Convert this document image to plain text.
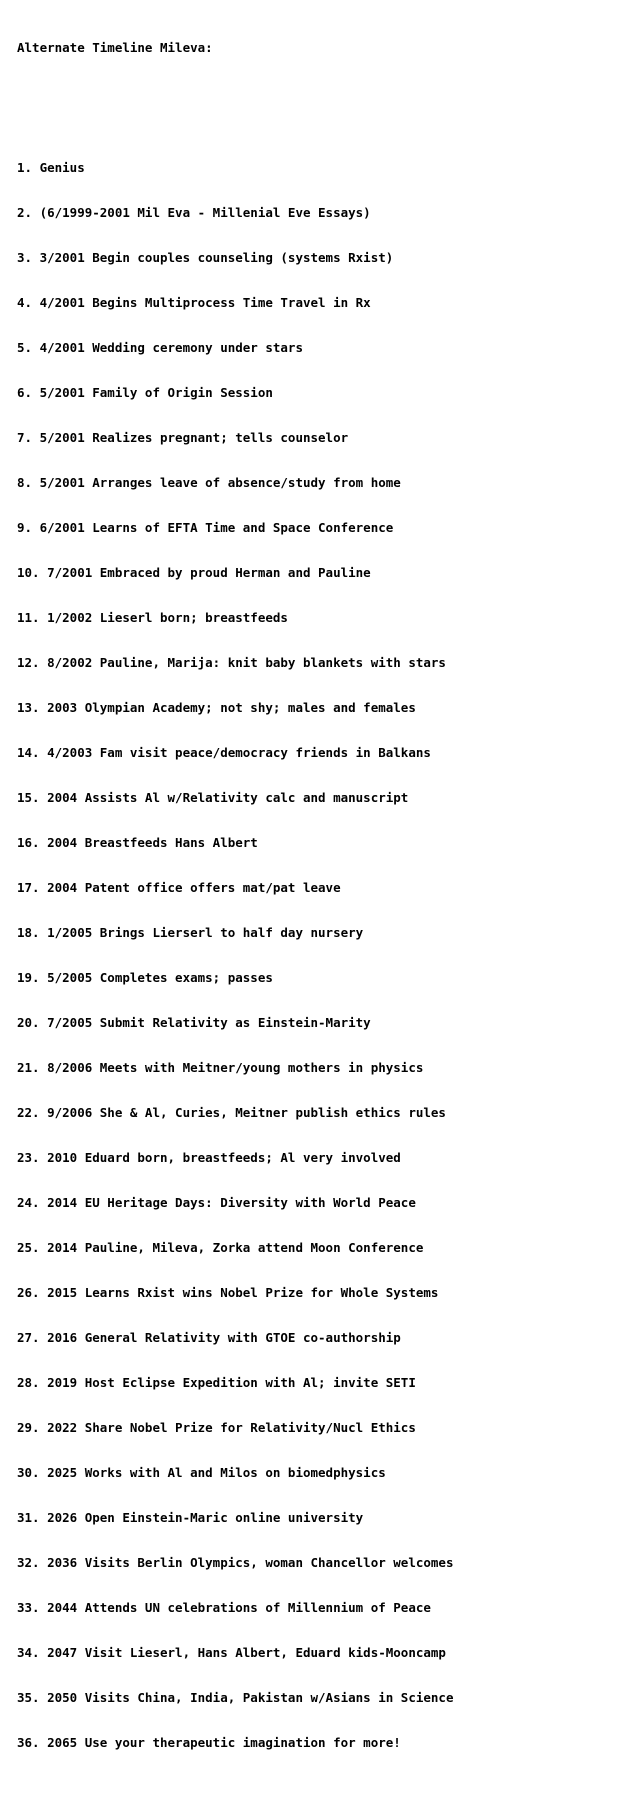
Alternate Timeline Mileva:

1. Genius

2. (6/1999-2001 Mil Eva - Millenial Eve Essays)

3. 3/2001 Begin couples counseling (systems Rxist)

4. 4/2001 Begins Multiprocess Time Travel in Rx

5. 4/2001 Wedding ceremony under stars

6. 5/2001 Family of Origin Session

7. 5/2001 Realizes pregnant; tells counselor

8. 5/2001 Arranges leave of absence/study from home

9. 6/2001 Learns of EFTA Time and Space Conference

10. 7/2001 Embraced by proud Herman and Pauline

11. 1/2002 Lieserl born; breastfeeds

12. 8/2002 Pauline, Marija: knit baby blankets with stars

13. 2003 Olympian Academy; not shy; males and females

14. 4/2003 Fam visit peace/democracy friends in Balkans

15. 2004 Assists Al w/Relativity calc and manuscript

16. 2004 Breastfeeds Hans Albert

17. 2004 Patent office offers mat/pat leave

18. 1/2005 Brings Lierserl to half day nursery

19. 5/2005 Completes exams; passes

20. 7/2005 Submit Relativity as Einstein-Marity

21. 8/2006 Meets with Meitner/young mothers in physics

22. 9/2006 She & Al, Curies, Meitner publish ethics rules

23. 2010 Eduard born, breastfeeds; Al very involved

24. 2014 EU Heritage Days: Diversity with World Peace

25. 2014 Pauline, Mileva, Zorka attend Moon Conference

26. 2015 Learns Rxist wins Nobel Prize for Whole Systems

27. 2016 General Relativity with GTOE co-authorship

28. 2019 Host Eclipse Expedition with Al; invite SETI

29. 2022 Share Nobel Prize for Relativity/Nucl Ethics

30. 2025 Works with Al and Milos on biomedphysics

31. 2026 Open Einstein-Maric online university

32. 2036 Visits Berlin Olympics, woman Chancellor welcomes

33. 2044 Attends UN celebrations of Millennium of Peace

34. 2047 Visit Lieserl, Hans Albert, Eduard kids-Mooncamp

35. 2050 Visits China, India, Pakistan w/Asians in Science

36. 2065 Use your therapeutic imagination for more!
